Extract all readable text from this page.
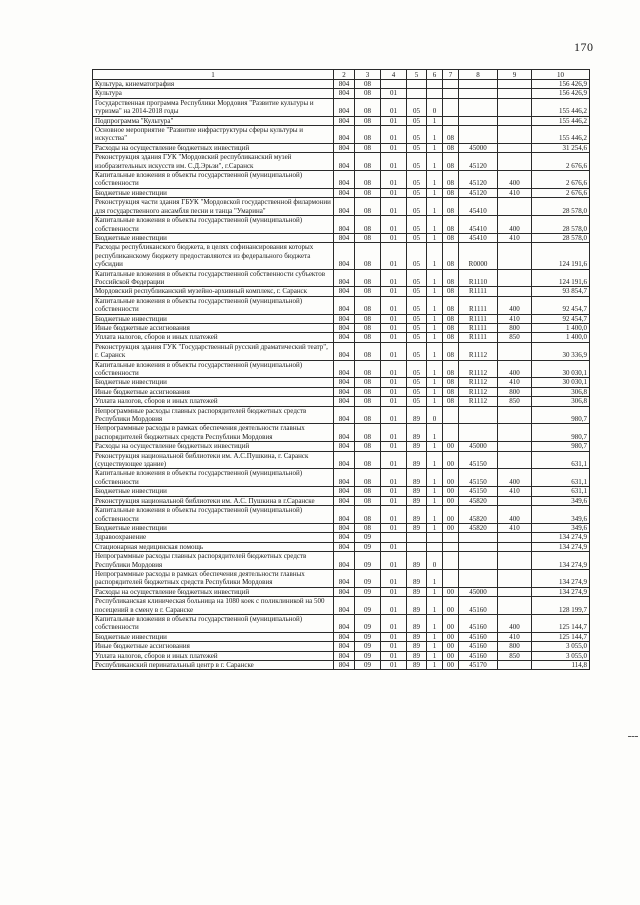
170
1	2	3	4	5	6	7	8	9	10
Культура, кинематография	804	08							156 426,9
Культура	804	08	01						156 426,9
Государственная программа Республики Мордовия "Развитие культуры и туризма" на 2014-2018 годы	804	08	01	05	0				155 446,2
Подпрограмма "Культура"	804	08	01	05	1				155 446,2
Основное мероприятие "Развитие инфраструктуры сферы культуры и искусства"	804	08	01	05	1	08			155 446,2
Расходы на осуществление бюджетных инвестиций	804	08	01	05	1	08	45000		31 254,6
Реконструкция здания ГУК "Мордовский республиканский музей изобразительных искусств им. С.Д.Эрьзи", г.Саранск	804	08	01	05	1	08	45120		2 676,6
Капитальные вложения в объекты государственной (муниципальной) собственности	804	08	01	05	1	08	45120	400	2 676,6
Бюджетные инвестиции	804	08	01	05	1	08	45120	410	2 676,6
Реконструкция части здания ГБУК "Мордовской государственной филармонии для государственного ансамбля песни и танца "Умарина"	804	08	01	05	1	08	45410		28 578,0
Капитальные вложения в объекты государственной (муниципальной) собственности	804	08	01	05	1	08	45410	400	28 578,0
Бюджетные инвестиции	804	08	01	05	1	08	45410	410	28 578,0
Расходы республиканского бюджета, в целях софинансирования которых республиканскому бюджету предоставляются из федерального бюджета субсидии	804	08	01	05	1	08	R0000		124 191,6
Капитальные вложения в объекты государственной собственности субъектов Российской Федерации	804	08	01	05	1	08	R1110		124 191,6
Мордовский республиканский музейно-архивный комплекс, г. Саранск	804	08	01	05	1	08	R1111		93 854,7
Капитальные вложения в объекты государственной (муниципальной) собственности	804	08	01	05	1	08	R1111	400	92 454,7
Бюджетные инвестиции	804	08	01	05	1	08	R1111	410	92 454,7
Иные бюджетные ассигнования	804	08	01	05	1	08	R1111	800	1 400,0
Уплата налогов, сборов и иных платежей	804	08	01	05	1	08	R1111	850	1 400,0
Реконструкция здания ГУК "Государственный русский драматический театр", г. Саранск	804	08	01	05	1	08	R1112		30 336,9
Капитальные вложения в объекты государственной (муниципальной) собственности	804	08	01	05	1	08	R1112	400	30 030,1
Бюджетные инвестиции	804	08	01	05	1	08	R1112	410	30 030,1
Иные бюджетные ассигнования	804	08	01	05	1	08	R1112	800	306,8
Уплата налогов, сборов и иных платежей	804	08	01	05	1	08	R1112	850	306,8
Непрограммные расходы главных распорядителей бюджетных средств Республики Мордовия	804	08	01	89	0				980,7
Непрограммные расходы в рамках обеспечения деятельности главных распорядителей бюджетных средств Республики Мордовия	804	08	01	89	1				980,7
Расходы на осуществление бюджетных инвестиций	804	08	01	89	1	00	45000		980,7
Реконструкция национальной библиотеки им. А.С.Пушкина, г. Саранск (существующее здание)	804	08	01	89	1	00	45150		631,1
Капитальные вложения в объекты государственной (муниципальной) собственности	804	08	01	89	1	00	45150	400	631,1
Бюджетные инвестиции	804	08	01	89	1	00	45150	410	631,1
Реконструкция национальной библиотеки им. А.С. Пушкина в г.Саранске	804	08	01	89	1	00	45820		349,6
Капитальные вложения в объекты государственной (муниципальной) собственности	804	08	01	89	1	00	45820	400	349,6
Бюджетные инвестиции	804	08	01	89	1	00	45820	410	349,6
Здравоохранение	804	09							134 274,9
Стационарная медицинская помощь	804	09	01						134 274,9
Непрограммные расходы главных распорядителей бюджетных средств Республики Мордовия	804	09	01	89	0				134 274,9
Непрограммные расходы в рамках обеспечения деятельности главных распорядителей бюджетных средств Республики Мордовия	804	09	01	89	1				134 274,9
Расходы на осуществление бюджетных инвестиций	804	09	01	89	1	00	45000		134 274,9
Республиканская клиническая больница на 1080 коек с поликлиникой на 500 посещений в смену в г. Саранске	804	09	01	89	1	00	45160		128 199,7
Капитальные вложения в объекты государственной (муниципальной) собственности	804	09	01	89	1	00	45160	400	125 144,7
Бюджетные инвестиции	804	09	01	89	1	00	45160	410	125 144,7
Иные бюджетные ассигнования	804	09	01	89	1	00	45160	800	3 055,0
Уплата налогов, сборов и иных платежей	804	09	01	89	1	00	45160	850	3 055,0
Республиканский перинатальный центр в г. Саранске	804	09	01	89	1	00	45170		114,8
